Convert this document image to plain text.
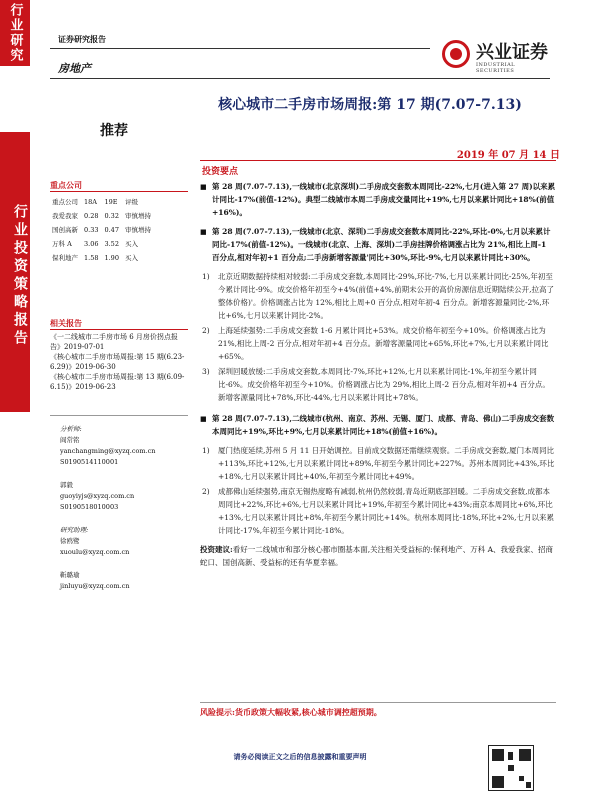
行业研究
行业投资策略报告
证券研究报告
房地产
兴业证券
INDUSTRIAL SECURITIES
核心城市二手房市场周报:第 17 期(7.07-7.13)
推荐
2019 年 07 月 14 日
投资要点
重点公司
重点公司	18A	19E	评级
我爱我家	0.28	0.32	审慎增持
国创高新	0.33	0.47	审慎增持
万科 A	3.06	3.52	买入
保利地产	1.58	1.90	买入
相关报告
《一二线城市二手房市场 6 月房价拐点报告》2019-07-01
《核心城市二手房市场周报:第 15 期(6.23-6.29)》2019-06-30
《核心城市二手房市场周报:第 13 期(6.09-6.15)》2019-06-23
分析师:
阎常铭
yanchangming@xyzq.com.cn
S0190514110001
郭毅
guoyiyjs@xyzq.com.cn
S0190518010003
研究助理:
徐鸥鹭
xuoulu@xyzq.com.cn
靳璐瑜
jinluyu@xyzq.com.cn
■ 第 28 周(7.07-7.13),一线城市(北京深圳)二手房成交套数本周同比-22%,七月(进入第 27 周)以来累计同比-17%(前值-12%)。典型二线城市本周二手房成交量同比+19%,七月以来累计同比+18%(前值+16%)。
■ 第 28 周(7.07-7.13),一线城市(北京、深圳)二手房成交套数本周同比-22%,环比-0%,七月以来累计同比-17%(前值-12%)。一线城市(北京、上海、深圳)二手房挂牌价格调涨占比为 21%,相比上周-1 百分点,相对年初+1 百分点;二手房新增客源量'同比+30%,环比-9%,七月以来累计同比+30%。
1) 北京近期数据持续相对较弱:二手房成交套数,本周同比-29%,环比-7%,七月以来累计同比-25%,年初至今累计同比-9%。成交价格年初至今+4%(前值+4%,前期未公开的高价房源信息近期陆续公开,拉高了整体价格)'。价格调涨占比为 12%,相比上周+0 百分点,相对年初-4 百分点。新增客源量同比-2%,环比+6%,七月以来累计同比-2%。
2) 上海延续强势:二手房成交套数 1-6 月累计同比+53%。成交价格年初至今+10%。价格调涨占比为 21%,相比上周-2 百分点,相对年初+4 百分点。新增客源量同比+65%,环比+7%,七月以来累计同比+65%。
3) 深圳回暖放缓:二手房成交套数,本周同比-7%,环比+12%,七月以来累计同比-1%,年初至今累计同比-6%。成交价格年初至今+10%。价格调涨占比为 29%,相比上周-2 百分点,相对年初+4 百分点。新增客源量同比+78%,环比-44%,七月以来累计同比+78%。
■ 第 28 周(7.07-7.13),二线城市(杭州、南京、苏州、无锡、厦门、成都、青岛、佛山)二手房成交套数本周同比+19%,环比+9%,七月以来累计同比+18%(前值+16%)。
1) 厦门热度延续,苏州 5 月 11 日开始调控。目前成交数据还需继续观察。二手房成交套数,厦门本周同比+113%,环比+12%,七月以来累计同比+89%,年初至今累计同比+227%。苏州本周同比+43%,环比+18%,七月以来累计同比+40%,年初至今累计同比+49%。
2) 成都佛山延续强势,南京无锡热度略有减弱,杭州仍然较弱,青岛近期底部回暖。二手房成交套数,成都本周同比+22%,环比+6%,七月以来累计同比+19%,年初至今累计同比+43%;南京本周同比+6%,环比+13%,七月以来累计同比+8%,年初至今累计同比+14%。杭州本周同比-18%,环比+2%,七月以来累计同比-17%,年初至今累计同比-18%。
投资建议:看好一二线城市和部分核心都市圈基本面,关注相关受益标的:保利地产、万科 A、我爱我家、招商蛇口、国创高新、受益标的还有华夏幸福。
风险提示:货币政策大幅收紧,核心城市调控超预期。
请务必阅读正文之后的信息披露和重要声明
